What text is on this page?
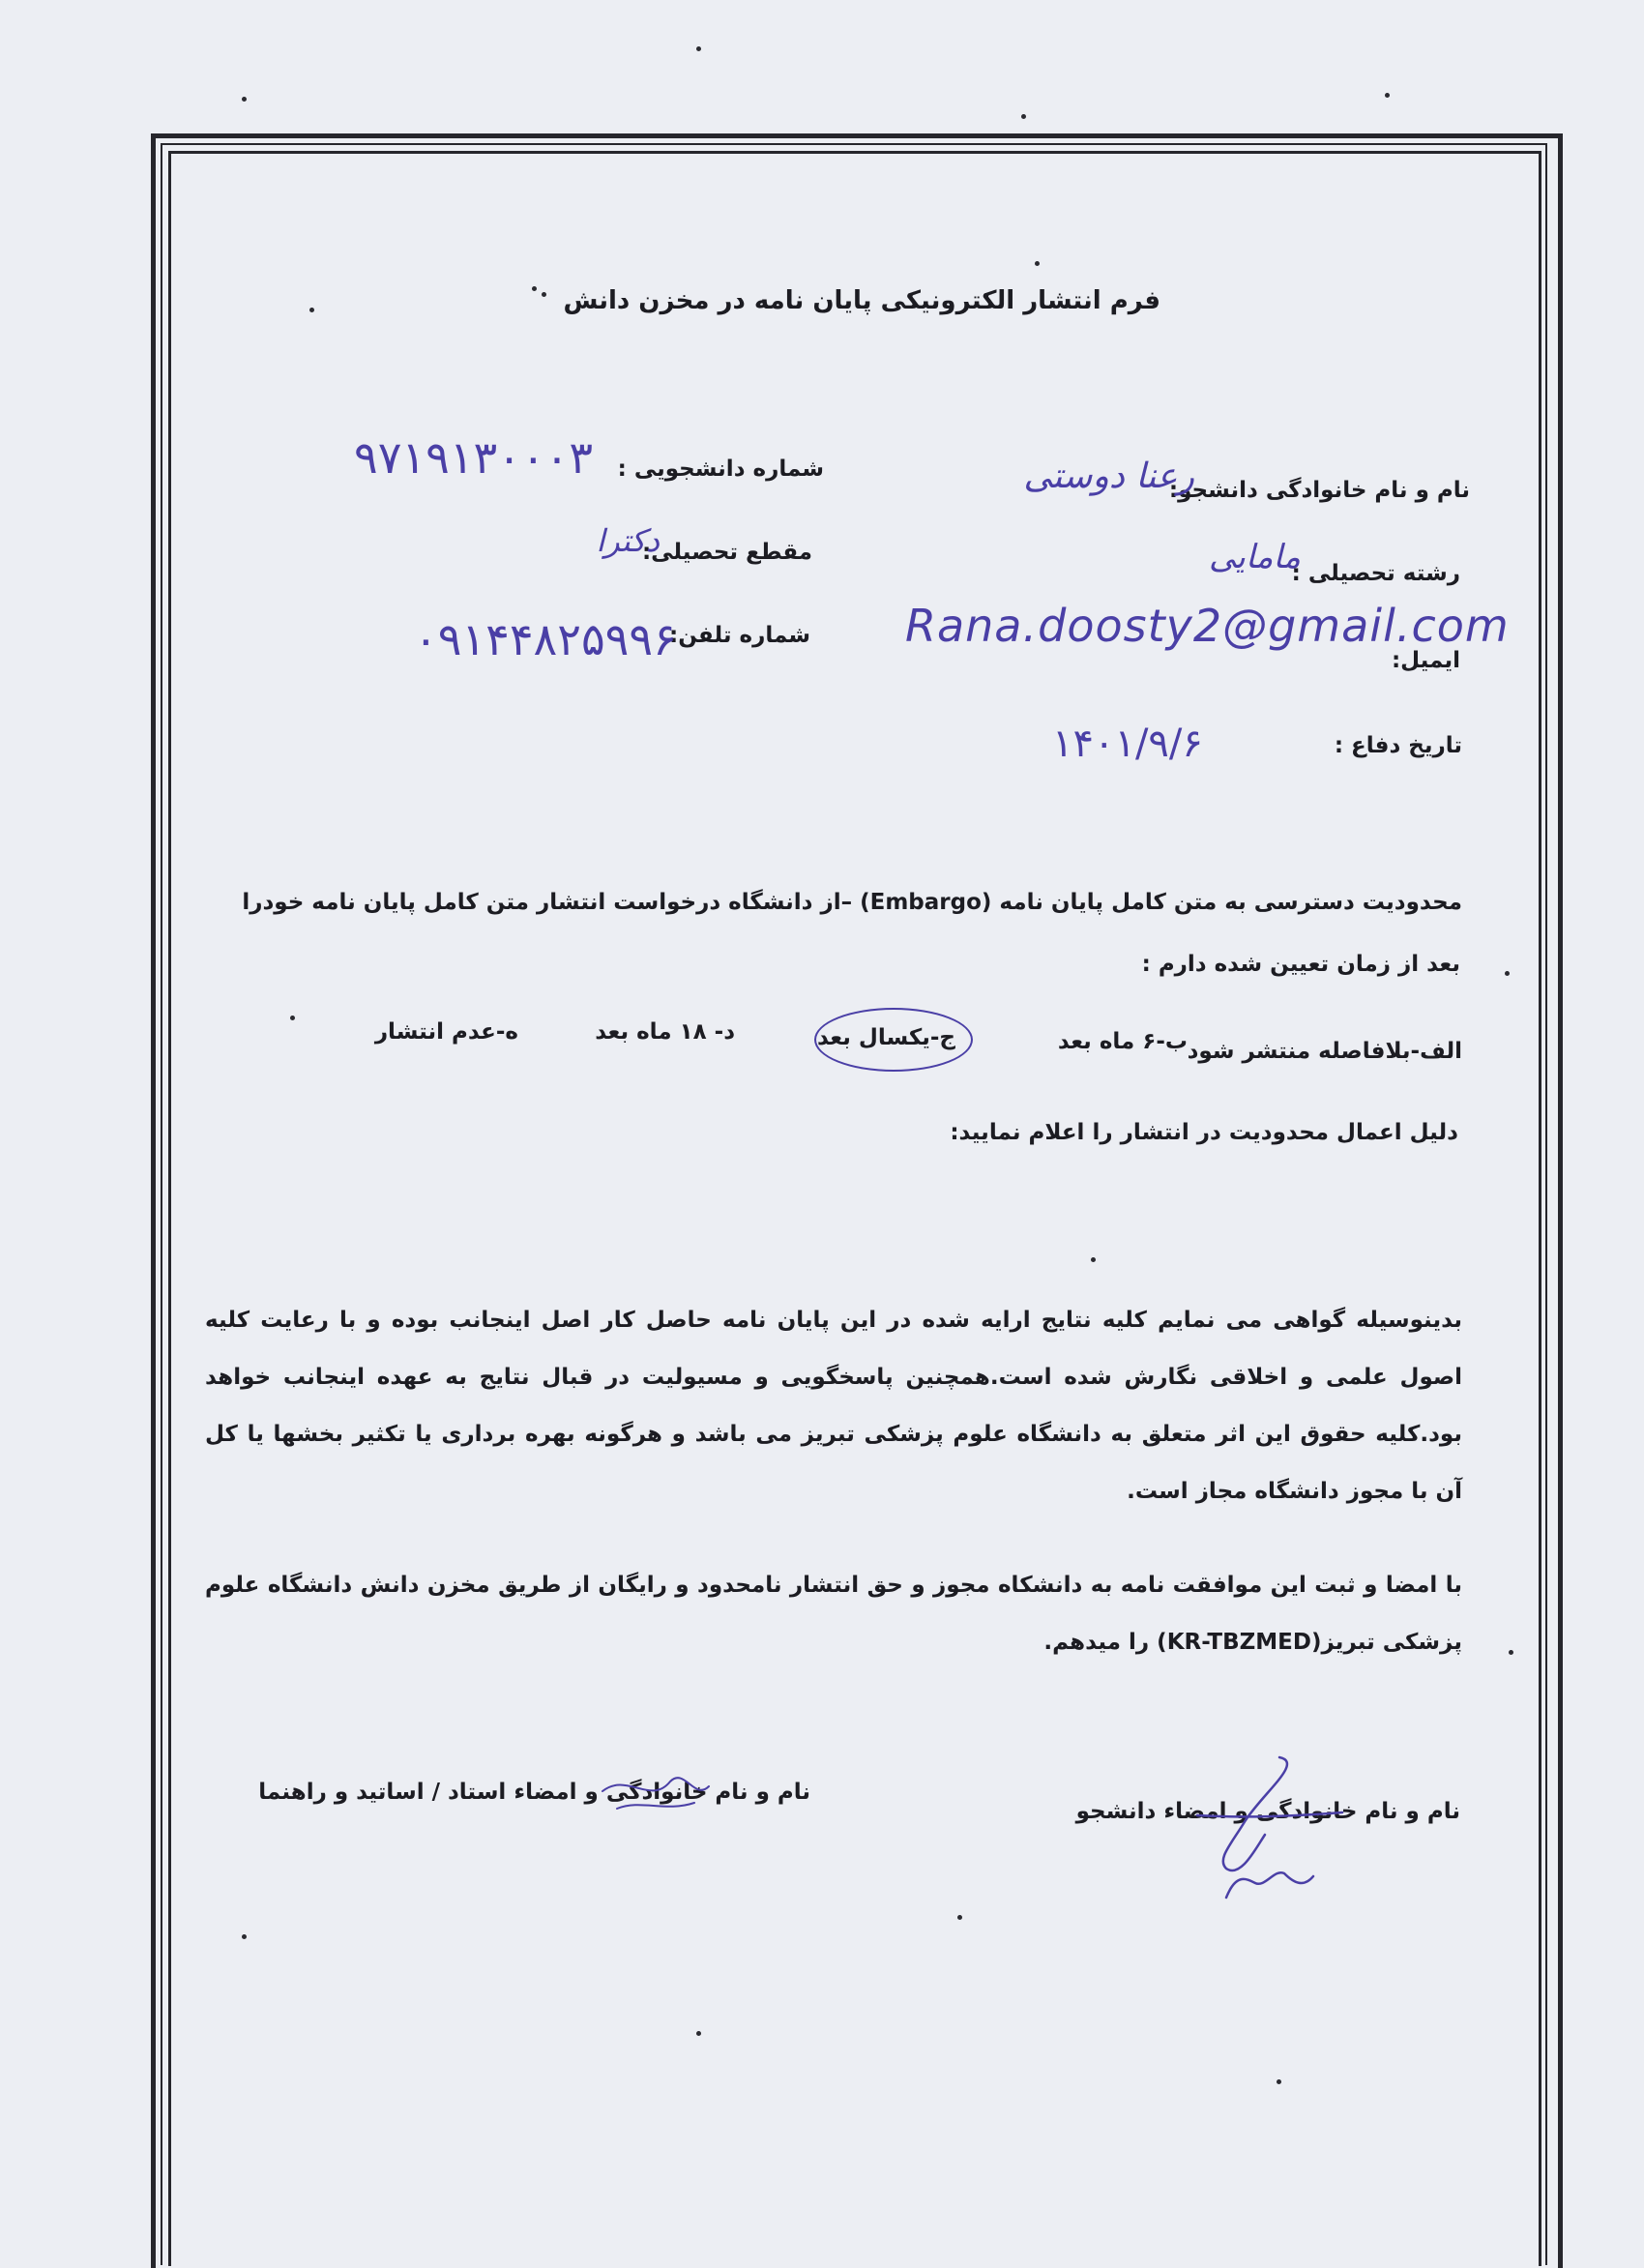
فرم انتشار الکترونیکی پایان نامه در مخزن دانش
نام و نام خانوادگی دانشجو:
رعنا دوستی
شماره دانشجویی :
۹۷۱۹۱۳۰۰۰۳
رشته تحصیلی :
مامایی
مقطع تحصیلی:
دکترا
Rana.doosty2@gmail.com
ایمیل:
شماره تلفن:
۰۹۱۴۴۸۲۵۹۹۶
تاریخ دفاع :
۱۴۰۱/۹/۶
محدودیت دسترسی به متن کامل پایان نامه (Embargo) –از دانشگاه درخواست انتشار متن کامل پایان نامه خودرا
بعد از زمان تعیین شده دارم :
الف-بلافاصله منتشر شود
ب-۶ ماه بعد
ج-یکسال بعد
د- ۱۸ ماه بعد
ه-عدم انتشار
دلیل اعمال محدودیت در انتشار را اعلام نمایید:
بدینوسیله گواهی می نمایم کلیه نتایج ارایه شده در این پایان نامه حاصل کار اصل اینجانب بوده و با رعایت کلیه اصول علمی و اخلاقی نگارش شده است.همچنین پاسخگویی و مسیولیت در قبال نتایج به عهده اینجانب خواهد بود.کلیه حقوق این اثر متعلق به دانشگاه علوم پزشکی تبریز می باشد و هرگونه بهره برداری یا تکثیر بخشها یا کل آن با مجوز دانشگاه مجاز است.
با امضا و ثبت این موافقت نامه به دانشکاه مجوز و حق انتشار نامحدود و رایگان از طریق مخزن دانش دانشگاه علوم پزشکی تبریز(KR-TBZMED) را میدهم.
نام و نام خانوادگی و امضاء دانشجو
نام و نام خانوادگی و امضاء استاد / اساتید و راهنما
